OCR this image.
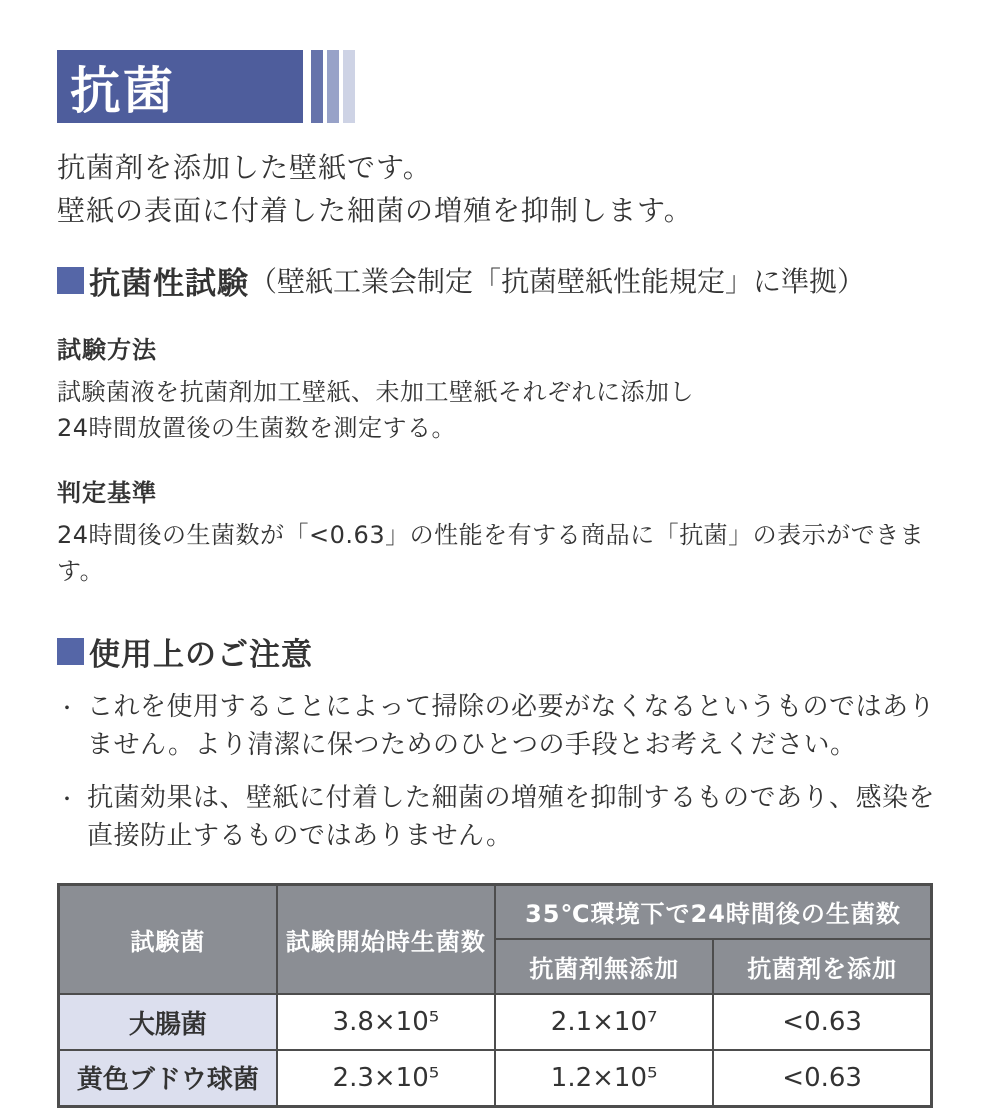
抗菌
抗菌剤を添加した壁紙です。
壁紙の表面に付着した細菌の増殖を抑制します。
抗菌性試験 （壁紙工業会制定「抗菌壁紙性能規定」に準拠）
試験方法
試験菌液を抗菌剤加工壁紙、未加工壁紙それぞれに添加し
24時間放置後の生菌数を測定する。
判定基準
24時間後の生菌数が「<0.63」の性能を有する商品に「抗菌」の表示ができます。
使用上のご注意
・ これを使用することによって掃除の必要がなくなるというものではありません。より清潔に保つためのひとつの手段とお考えください。
・ 抗菌効果は、壁紙に付着した細菌の増殖を抑制するものであり、感染を直接防止するものではありません。
試験菌	試験開始時生菌数	35℃環境下で24時間後の生菌数	
		抗菌剤無添加	抗菌剤を添加
大腸菌	3.8×10⁵	2.1×10⁷	<0.63
黄色ブドウ球菌	2.3×10⁵	1.2×10⁵	<0.63
